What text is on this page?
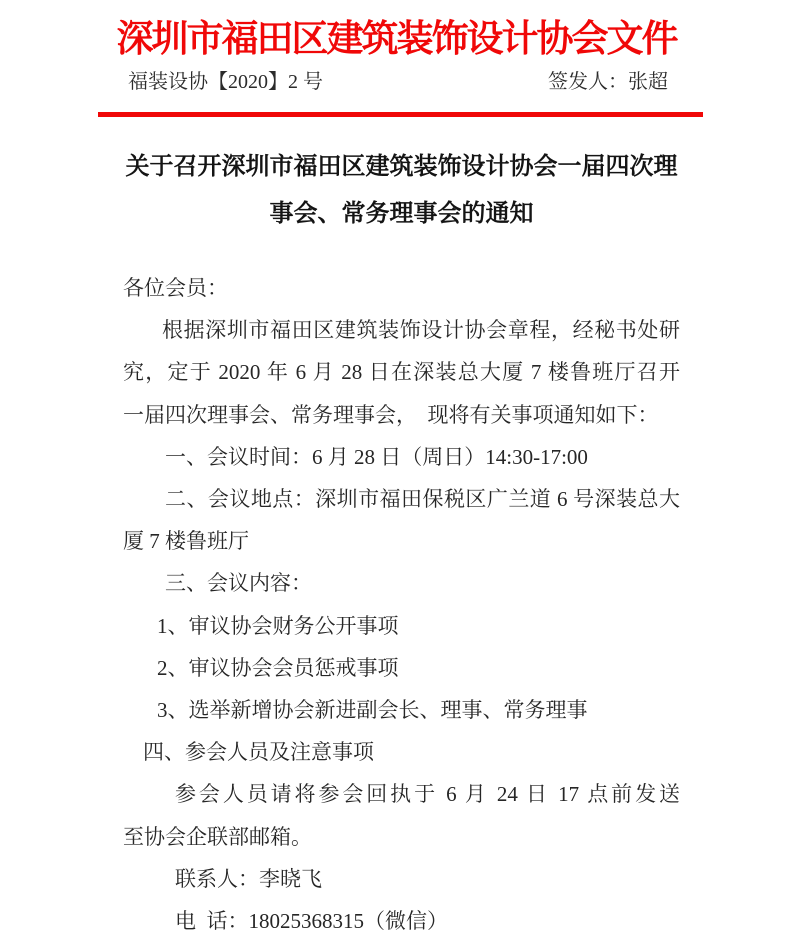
深圳市福田区建筑装饰设计协会文件
福装设协【2020】2 号	签发人：张超
关于召开深圳市福田区建筑装饰设计协会一届四次理
事会、常务理事会的通知
各位会员：
根据深圳市福田区建筑装饰设计协会章程，经秘书处研
究，定于 2020 年 6 月 28 日在深装总大厦 7 楼鲁班厅召开
一届四次理事会、常务理事会，　现将有关事项通知如下：
一、会议时间：6 月 28 日（周日）14:30-17:00
二、会议地点：深圳市福田保税区广兰道 6 号深装总大
厦 7 楼鲁班厅
三、会议内容：
1、审议协会财务公开事项
2、审议协会会员惩戒事项
3、选举新增协会新进副会长、理事、常务理事
四、参会人员及注意事项
参会人员请将参会回执于 6 月 24 日 17 点前发送
至协会企联部邮箱。
联系人：李晓飞
电  话：18025368315（微信）
